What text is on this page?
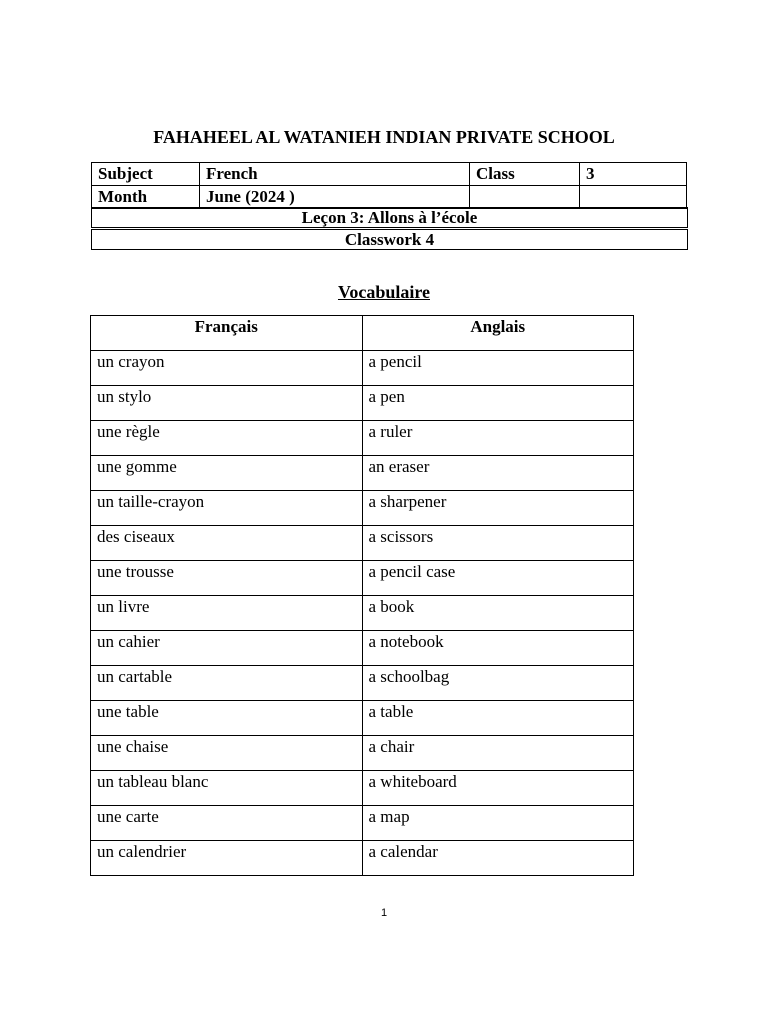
FAHAHEEL AL WATANIEH INDIAN PRIVATE SCHOOL
Subject	French	Class	3
Month	June (2024 )		
Leçon 3: Allons à l’école
Classwork 4
Vocabulaire
Français	Anglais
un crayon	a pencil
un stylo	a pen
une règle	a ruler
une gomme	an eraser
un taille-crayon	a sharpener
des ciseaux	a scissors
une trousse	a pencil case
un livre	a book
un cahier	a notebook
un cartable	a schoolbag
une table	a table
une chaise	a chair
un tableau blanc	a whiteboard
une carte	a map
un calendrier	a calendar
1
